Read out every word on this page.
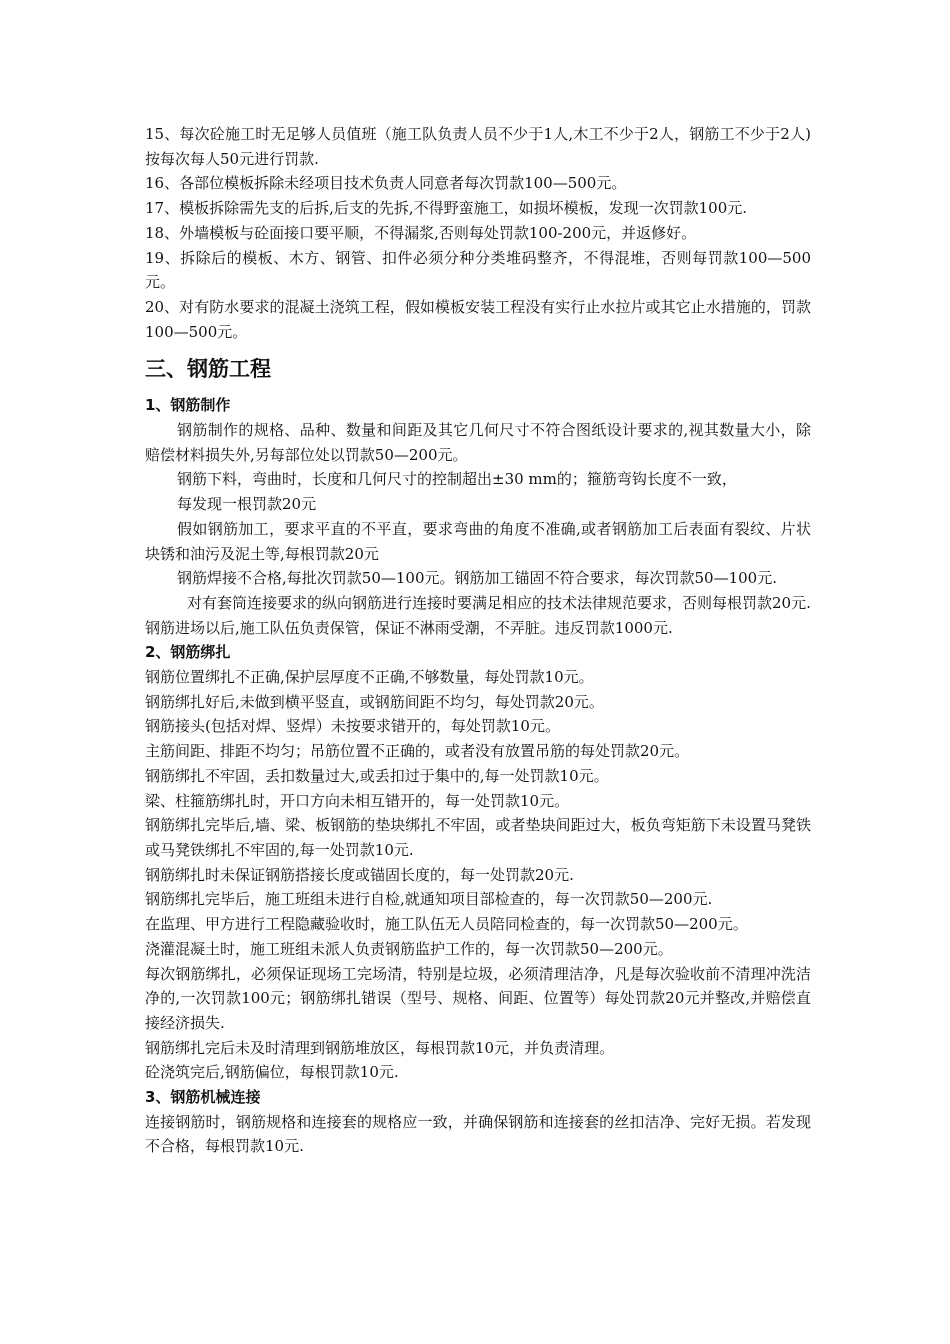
15、每次砼施工时无足够人员值班（施工队负责人员不少于1人,木工不少于2人，钢筋工不少于2人)按每次每人50元进行罚款.

16、各部位模板拆除未经项目技术负责人同意者每次罚款100—500元。

17、模板拆除需先支的后拆,后支的先拆,不得野蛮施工，如损坏模板，发现一次罚款100元.

18、外墙模板与砼面接口要平顺，不得漏浆,否则每处罚款100-200元，并返修好。

19、拆除后的模板、木方、钢管、扣件必须分种分类堆码整齐，不得混堆，否则每罚款100—500元。

20、对有防水要求的混凝土浇筑工程，假如模板安装工程没有实行止水拉片或其它止水措施的，罚款100—500元。

三、钢筋工程
1、钢筋制作

钢筋制作的规格、品种、数量和间距及其它几何尺寸不符合图纸设计要求的,视其数量大小，除赔偿材料损失外,另每部位处以罚款50—200元。

钢筋下料，弯曲时，长度和几何尺寸的控制超出±30 mm的；箍筋弯钩长度不一致，

每发现一根罚款20元

假如钢筋加工，要求平直的不平直，要求弯曲的角度不准确,或者钢筋加工后表面有裂纹、片状块锈和油污及泥土等,每根罚款20元

钢筋焊接不合格,每批次罚款50—100元。钢筋加工锚固不符合要求，每次罚款50—100元.

对有套筒连接要求的纵向钢筋进行连接时要满足相应的技术法律规范要求，否则每根罚款20元.

钢筋进场以后,施工队伍负责保管，保证不淋雨受潮，不弄脏。违反罚款1000元.

2、钢筋绑扎

钢筋位置绑扎不正确,保护层厚度不正确,不够数量，每处罚款10元。

钢筋绑扎好后,未做到横平竖直，或钢筋间距不均匀，每处罚款20元。

钢筋接头(包括对焊、竖焊）未按要求错开的，每处罚款10元。

主筋间距、排距不均匀；吊筋位置不正确的，或者没有放置吊筋的每处罚款20元。

钢筋绑扎不牢固，丢扣数量过大,或丢扣过于集中的,每一处罚款10元。

梁、柱箍筋绑扎时，开口方向未相互错开的，每一处罚款10元。

钢筋绑扎完毕后,墙、梁、板钢筋的垫块绑扎不牢固，或者垫块间距过大，板负弯矩筋下未设置马凳铁或马凳铁绑扎不牢固的,每一处罚款10元.

钢筋绑扎时未保证钢筋搭接长度或锚固长度的，每一处罚款20元.

钢筋绑扎完毕后，施工班组未进行自检,就通知项目部检查的，每一次罚款50—200元.

在监理、甲方进行工程隐藏验收时，施工队伍无人员陪同检查的，每一次罚款50—200元。

浇灌混凝土时，施工班组未派人负责钢筋监护工作的，每一次罚款50—200元。

每次钢筋绑扎，必须保证现场工完场清，特别是垃圾，必须清理洁净，凡是每次验收前不清理冲洗洁净的,一次罚款100元；钢筋绑扎错误（型号、规格、间距、位置等）每处罚款20元并整改,并赔偿直接经济损失.

钢筋绑扎完后未及时清理到钢筋堆放区，每根罚款10元，并负责清理。

砼浇筑完后,钢筋偏位，每根罚款10元.

3、钢筋机械连接

连接钢筋时，钢筋规格和连接套的规格应一致，并确保钢筋和连接套的丝扣洁净、完好无损。若发现不合格，每根罚款10元.
